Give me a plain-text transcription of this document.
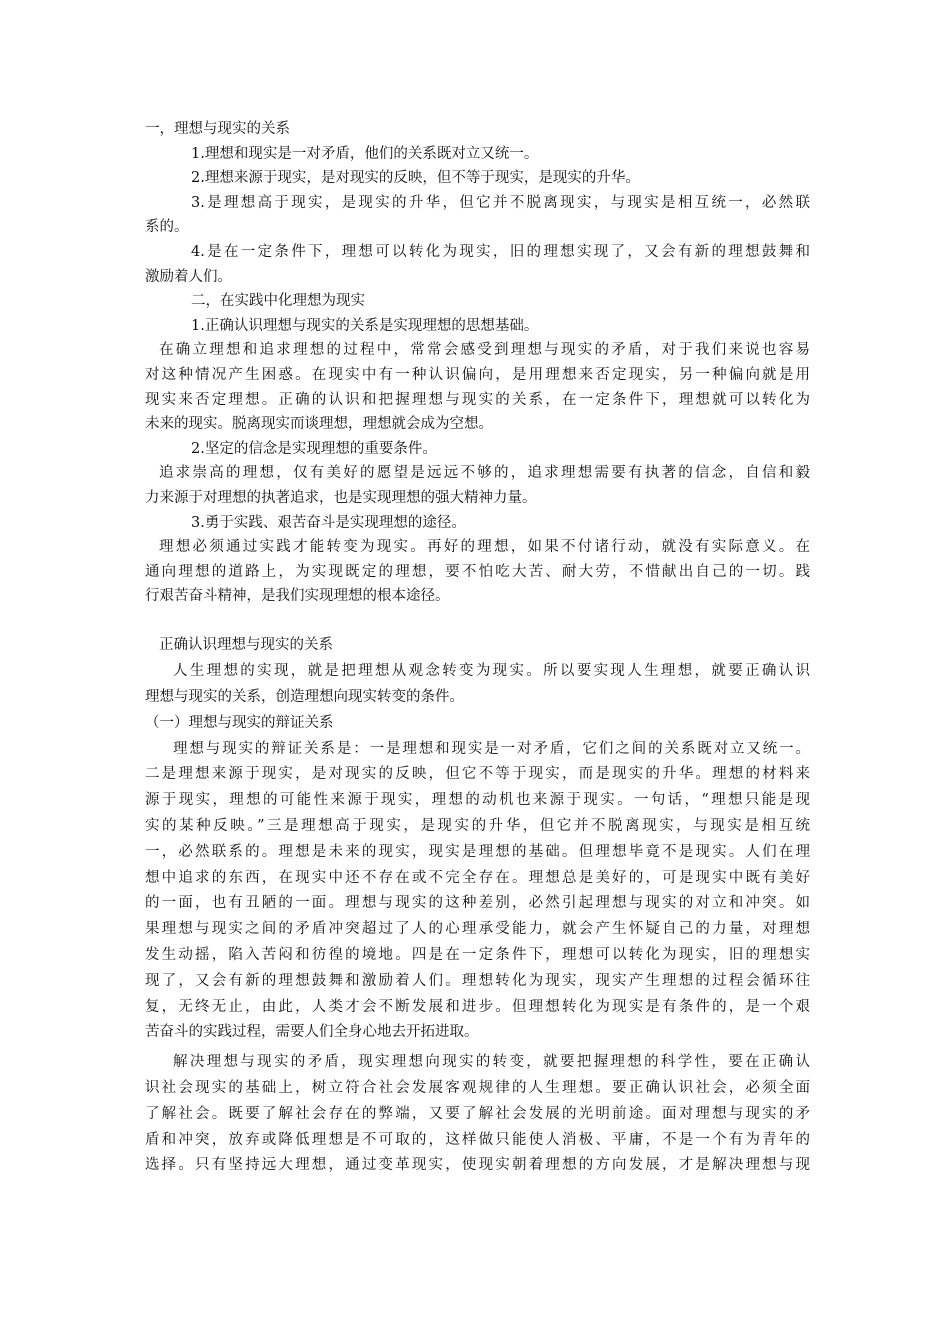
一，理想与现实的关系
1.理想和现实是一对矛盾，他们的关系既对立又统一。
2.理想来源于现实，是对现实的反映，但不等于现实，是现实的升华。
3.是理想高于现实，是现实的升华，但它并不脱离现实，与现实是相互统一，必然联
系的。
4.是在一定条件下，理想可以转化为现实，旧的理想实现了，又会有新的理想鼓舞和
激励着人们。
二，在实践中化理想为现实
1.正确认识理想与现实的关系是实现理想的思想基础。
在确立理想和追求理想的过程中，常常会感受到理想与现实的矛盾，对于我们来说也容易
对这种情况产生困惑。在现实中有一种认识偏向，是用理想来否定现实，另一种偏向就是用
现实来否定理想。正确的认识和把握理想与现实的关系，在一定条件下，理想就可以转化为
未来的现实。脱离现实而谈理想，理想就会成为空想。
2.坚定的信念是实现理想的重要条件。
追求崇高的理想，仅有美好的愿望是远远不够的，追求理想需要有执著的信念，自信和毅
力来源于对理想的执著追求，也是实现理想的强大精神力量。
3.勇于实践、艰苦奋斗是实现理想的途径。
理想必须通过实践才能转变为现实。再好的理想，如果不付诸行动，就没有实际意义。在
通向理想的道路上，为实现既定的理想，要不怕吃大苦、耐大劳，不惜献出自己的一切。践
行艰苦奋斗精神，是我们实现理想的根本途径。
正确认识理想与现实的关系
人生理想的实现，就是把理想从观念转变为现实。所以要实现人生理想，就要正确认识
理想与现实的关系，创造理想向现实转变的条件。
（一）理想与现实的辩证关系
理想与现实的辩证关系是：一是理想和现实是一对矛盾，它们之间的关系既对立又统一。
二是理想来源于现实，是对现实的反映，但它不等于现实，而是现实的升华。理想的材料来
源于现实，理想的可能性来源于现实，理想的动机也来源于现实。一句话，“理想只能是现
实的某种反映。”三是理想高于现实，是现实的升华，但它并不脱离现实，与现实是相互统
一，必然联系的。理想是未来的现实，现实是理想的基础。但理想毕竟不是现实。人们在理
想中追求的东西，在现实中还不存在或不完全存在。理想总是美好的，可是现实中既有美好
的一面，也有丑陋的一面。理想与现实的这种差别，必然引起理想与现实的对立和冲突。如
果理想与现实之间的矛盾冲突超过了人的心理承受能力，就会产生怀疑自己的力量，对理想
发生动摇，陷入苦闷和彷徨的境地。四是在一定条件下，理想可以转化为现实，旧的理想实
现了，又会有新的理想鼓舞和激励着人们。理想转化为现实，现实产生理想的过程会循环往
复，无终无止，由此，人类才会不断发展和进步。但理想转化为现实是有条件的，是一个艰
苦奋斗的实践过程，需要人们全身心地去开拓进取。
解决理想与现实的矛盾，现实理想向现实的转变，就要把握理想的科学性，要在正确认
识社会现实的基础上，树立符合社会发展客观规律的人生理想。要正确认识社会，必须全面
了解社会。既要了解社会存在的弊端，又要了解社会发展的光明前途。面对理想与现实的矛
盾和冲突，放弃或降低理想是不可取的，这样做只能使人消极、平庸，不是一个有为青年的
选择。只有坚持远大理想，通过变革现实，使现实朝着理想的方向发展，才是解决理想与现
